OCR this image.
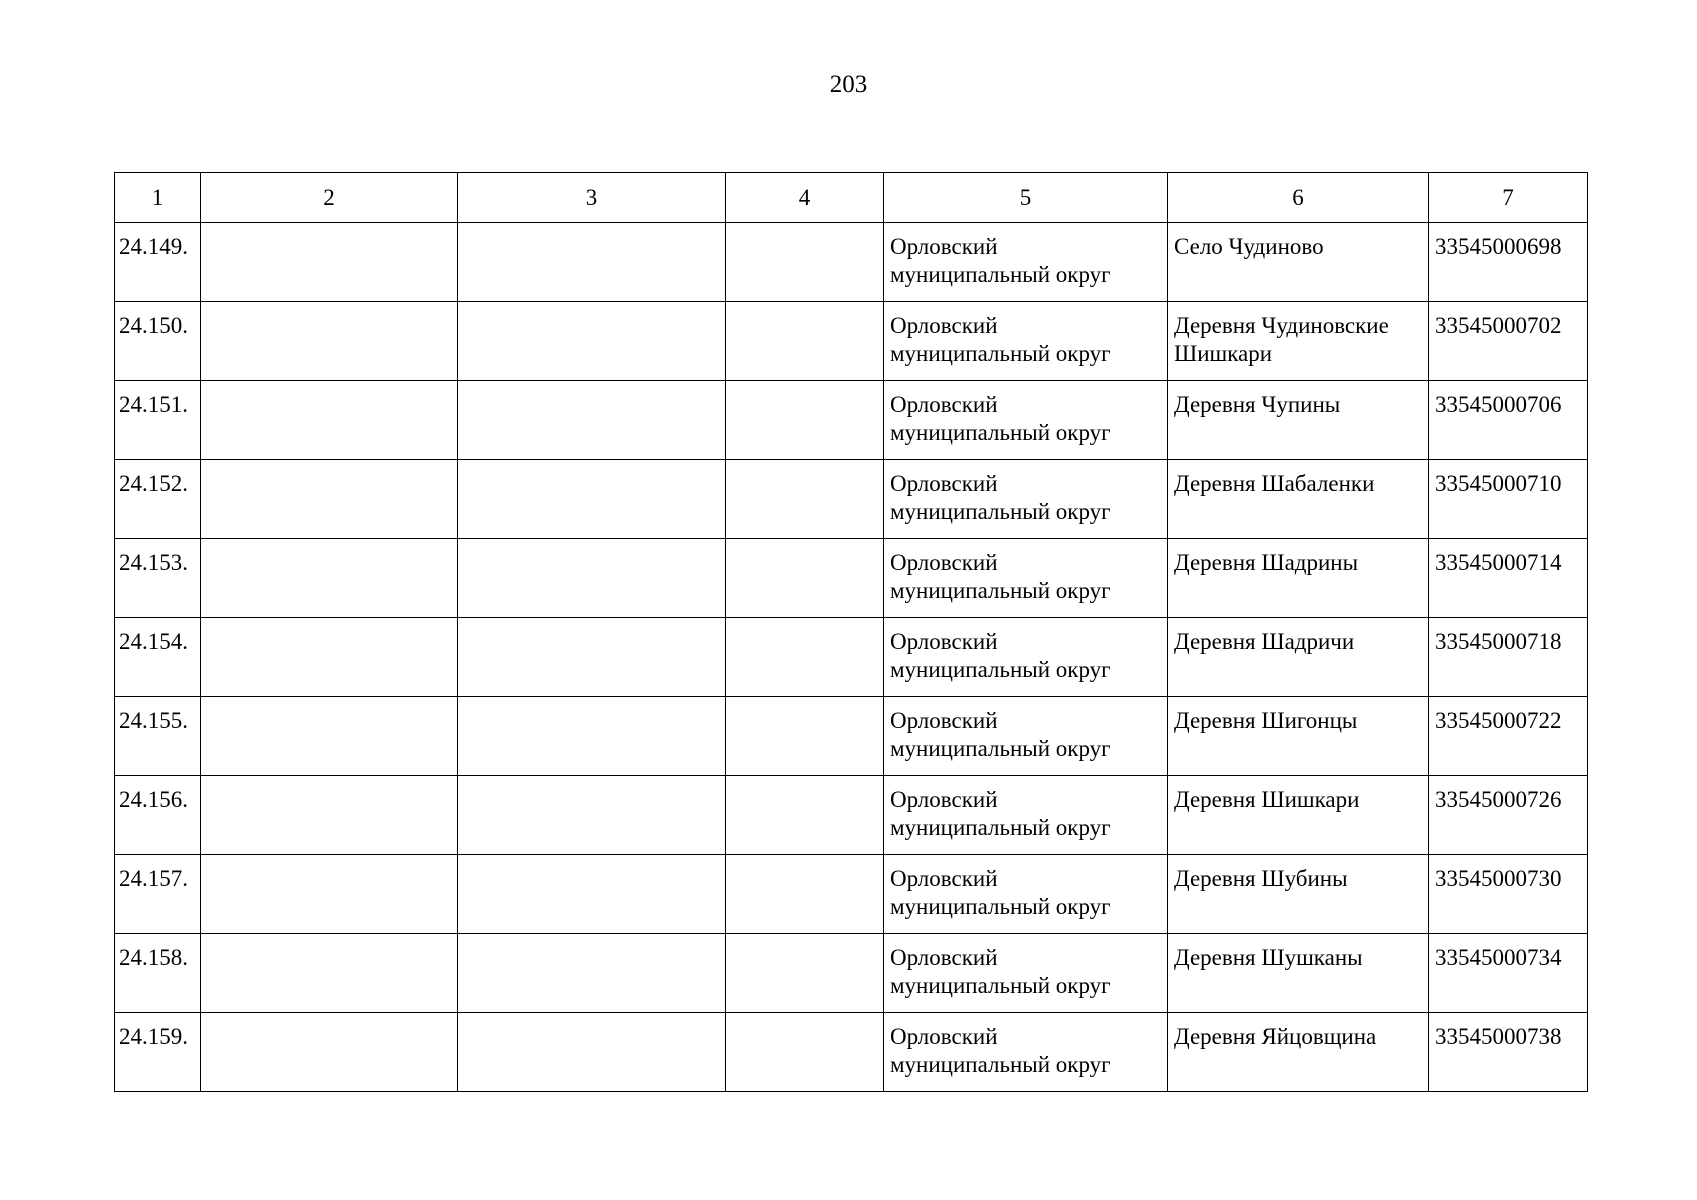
203
1	2	3	4	5	6	7
24.149.				Орловский муниципальный округ	Село Чудиново	33545000698
24.150.				Орловский муниципальный округ	Деревня Чудиновские Шишкари	33545000702
24.151.				Орловский муниципальный округ	Деревня Чупины	33545000706
24.152.				Орловский муниципальный округ	Деревня Шабаленки	33545000710
24.153.				Орловский муниципальный округ	Деревня Шадрины	33545000714
24.154.				Орловский муниципальный округ	Деревня Шадричи	33545000718
24.155.				Орловский муниципальный округ	Деревня Шигонцы	33545000722
24.156.				Орловский муниципальный округ	Деревня Шишкари	33545000726
24.157.				Орловский муниципальный округ	Деревня Шубины	33545000730
24.158.				Орловский муниципальный округ	Деревня Шушканы	33545000734
24.159.				Орловский муниципальный округ	Деревня Яйцовщина	33545000738
